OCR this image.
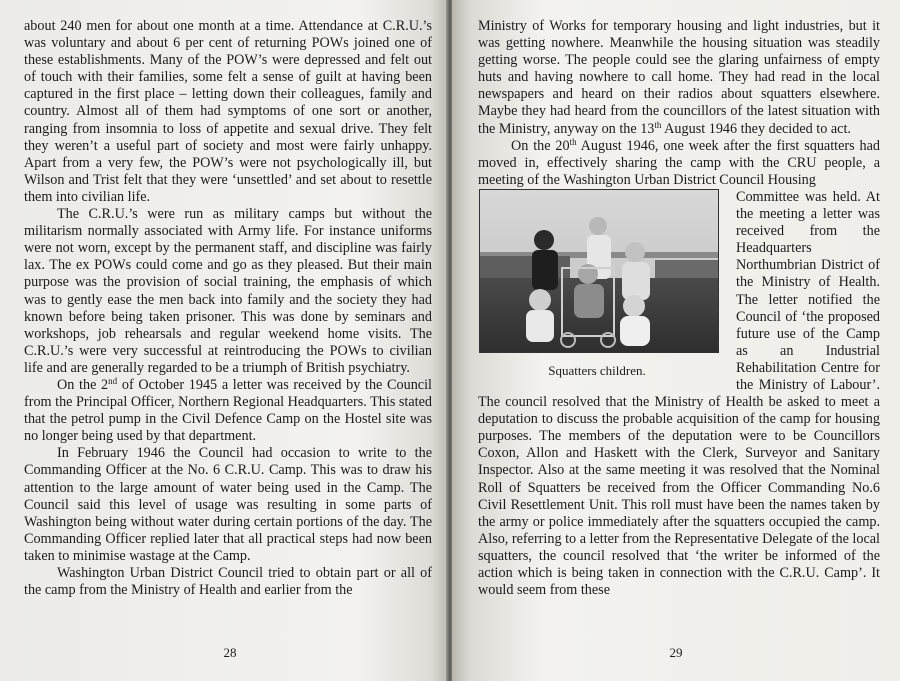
about 240 men for about one month at a time. Attendance at C.R.U.’s was voluntary and about 6 per cent of returning POWs joined one of these establishments. Many of the POW’s were depressed and felt out of touch with their families, some felt a sense of guilt at having been captured in the first place – letting down their colleagues, family and country. Almost all of them had symptoms of one sort or another, ranging from insomnia to loss of appetite and sexual drive. They felt they weren’t a useful part of society and most were fairly unhappy. Apart from a very few, the POW’s were not psychologically ill, but Wilson and Trist felt that they were ‘unsettled’ and set about to resettle them into civilian life.

The C.R.U.’s were run as military camps but without the militarism normally associated with Army life. For instance uniforms were not worn, except by the permanent staff, and discipline was fairly lax. The ex POWs could come and go as they pleased. But their main purpose was the provision of social training, the emphasis of which was to gently ease the men back into family and the society they had known before being taken prisoner. This was done by seminars and workshops, job rehearsals and regular weekend home visits. The C.R.U.’s were very successful at reintroducing the POWs to civilian life and are generally regarded to be a triumph of British psychiatry.

On the 2nd of October 1945 a letter was received by the Council from the Principal Officer, Northern Regional Headquarters. This stated that the petrol pump in the Civil Defence Camp on the Hostel site was no longer being used by that department.

In February 1946 the Council had occasion to write to the Commanding Officer at the No. 6 C.R.U. Camp. This was to draw his attention to the large amount of water being used in the Camp. The Council said this level of usage was resulting in some parts of Washington being without water during certain portions of the day. The Commanding Officer replied later that all practical steps had now been taken to minimise wastage at the Camp.

Washington Urban District Council tried to obtain part or all of the camp from the Ministry of Health and earlier from the

28

Ministry of Works for temporary housing and light industries, but it was getting nowhere. Meanwhile the housing situation was steadily getting worse. The people could see the glaring unfairness of empty huts and having nowhere to call home. They had read in the local newspapers and heard on their radios about squatters elsewhere. Maybe they had heard from the councillors of the latest situation with the Ministry, anyway on the 13th August 1946 they decided to act.

On the 20th August 1946, one week after the first squatters had moved in, effectively sharing the camp with the CRU people, a meeting of the Washington Urban District Council Housing

Squatters children.

Committee was held. At the meeting a letter was received from the Headquarters Northumbrian District of the Ministry of Health. The letter notified the Council of ‘the proposed future use of the Camp as an Industrial Rehabilitation Centre for the Ministry of Labour’. The council resolved that the Ministry of Health be asked to meet a deputation to discuss the probable acquisition of the camp for housing purposes. The members of the deputation were to be Councillors Coxon, Allon and Haskett with the Clerk, Surveyor and Sanitary Inspector. Also at the same meeting it was resolved that the Nominal Roll of Squatters be received from the Officer Commanding No.6 Civil Resettlement Unit. This roll must have been the names taken by the army or police immediately after the squatters occupied the camp. Also, referring to a letter from the Representative Delegate of the local squatters, the council resolved that ‘the writer be informed of the action which is being taken in connection with the C.R.U. Camp’. It would seem from these

29
